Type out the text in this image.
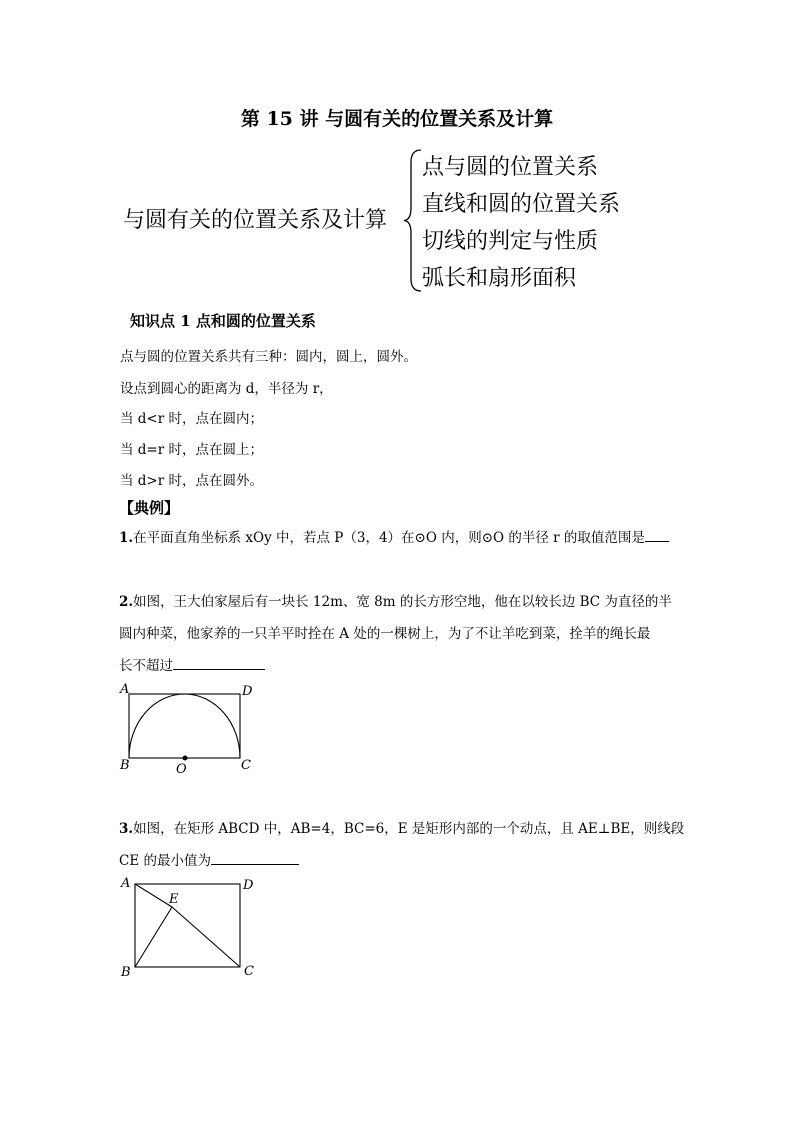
第 15 讲 与圆有关的位置关系及计算
与圆有关的位置关系及计算
点与圆的位置关系
直线和圆的位置关系
切线的判定与性质
弧长和扇形面积
知识点 1 点和圆的位置关系
点与圆的位置关系共有三种：圆内，圆上，圆外。
设点到圆心的距离为 d，半径为 r，
当 d<r 时，点在圆内；
当 d=r 时，点在圆上；
当 d>r 时，点在圆外。
【典例】
1.在平面直角坐标系 xOy 中，若点 P（3，4）在⊙O 内，则⊙O 的半径 r 的取值范围是
2.如图，王大伯家屋后有一块长 12m、宽 8m 的长方形空地，他在以较长边 BC 为直径的半
圆内种菜，他家养的一只羊平时拴在 A 处的一棵树上，为了不让羊吃到菜，拴羊的绳长最
长不超过
A	D
B	C
O
3.如图，在矩形 ABCD 中，AB=4，BC=6，E 是矩形内部的一个动点，且 AE⊥BE，则线段
CE 的最小值为
A	D
B	C
E
